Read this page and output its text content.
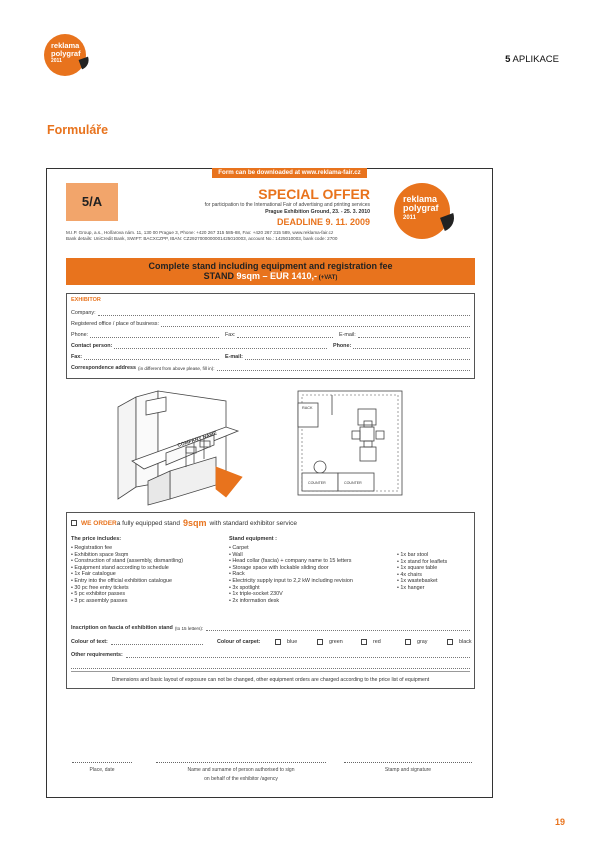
reklama
polygraf
2011	5 APLIKACE
Formuláře
Form can be downloaded at www.reklama-fair.cz
5/A	SPECIAL OFFER
for participation to the International Fair of advertising and printing services
Prague Exhibition Ground, 23. - 25. 3. 2010
DEADLINE 9. 11. 2009
reklama
polygraf
2011
M.I.P. Group, a.s., Holľarova nám. 11, 130 00 Prague 3, Phone: +420 267 315 585-88, Fax: +420 267 315 589, www.reklama-fair.cz
Bank details: UniCredit Bank, SWIFT: BACXCZPP, IBAN: CZ2927000000001425010003, account No.: 1425010003, bank code: 2700
Complete stand including equipment and registration fee
STAND 9sqm – EUR 1410,- (+VAT)
EXHIBITOR
Company:
Registered office / place of business:
Phone:	Fax:	E-mail:
Contact person:	Phone:
Fax:	E-mail:
Correspondence address (in different from above please, fill in):
COMPANY NAME
RACK
COUNTER	COUNTER
WE ORDER a fully equipped stand 9sqm with standard exhibitor service
The price includes:
• Registration fee
• Exhibition space 9sqm
• Construction of stand (assembly, dismantling)
• Equipment stand according to schedule
• 1x Fair catalogue
• Entry into the official exhibition catalogue
• 30 pc free entry tickets
• 5 pc exhibitor passes
• 3 pc assembly passes
Stand equipment :
• Carpet
• Wall
• Head collar (fascia) + company name to 15 letters
• Storage space with lockable sliding door
• Rack
• Electricity supply input to 2,2 kW including revision
• 3x spotlight
• 1x triple-socket 230V
• 2x information desk
• 1x bar stool
• 1x stand for leaflets
• 1x square table
• 4x chairs
• 1x wastebasket
• 1x hanger
Inscription on fascia of exhibition stand (to 15 letters):
Colour of text:	Colour of carpet:	blue	green	red	gray	black
Other requirements:
Dimensions and basic layout of exposure can not be changed, other equipment orders are charged according to the price list of equipment
Place, date	Name and surname of person authorised to sign
on behalf of the exhibitor /agency
Stamp and signature
19
